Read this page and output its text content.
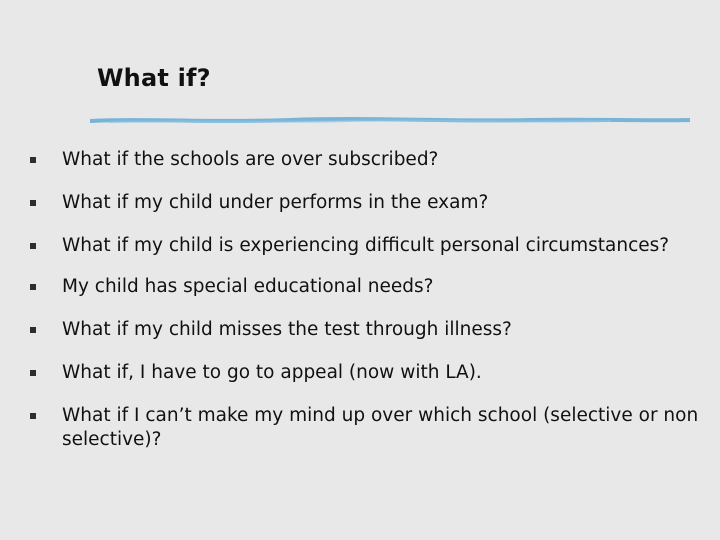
What if?
What if the schools are over subscribed?
What if my child under performs in the exam?
What if my child is experiencing difficult personal circumstances?
My child has special educational needs?
What if my child misses the test through illness?
What if, I have to go to appeal (now with LA).
What if I can’t make my mind up over which school (selective or non selective)?
